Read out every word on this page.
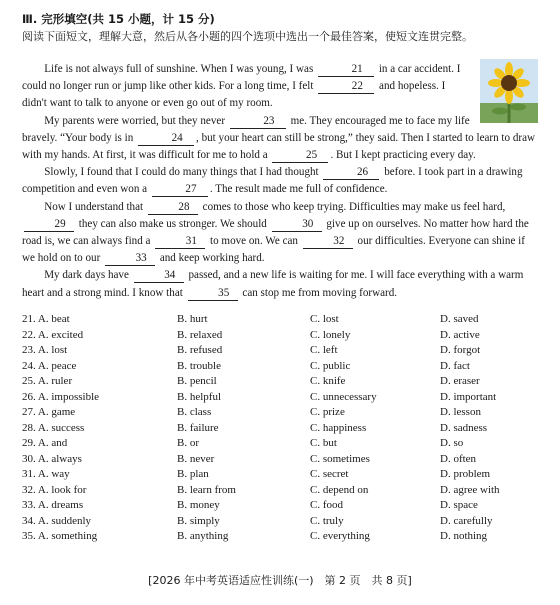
Ⅲ. 完形填空(共 15 小题，计 15 分)
阅读下面短文，理解大意，然后从各小题的四个选项中选出一个最佳答案，使短文连贯完整。

Life is not always full of sunshine. When I was young, I was	21 in a car accident. I could no longer run or jump like other kids. For a long time, I felt	22 and hopeless. I didn't want to talk to anyone or even go out of my room.

My parents were worried, but they never	23 me. They encouraged me to face my life bravely. “Your body is in	24 , but your heart can still be strong,” they said. Then I started to learn to draw with my hands. At first, it was difficult for me to hold a	25 . But I kept practicing every day.

Slowly, I found that I could do many things that I had thought	26 before. I took part in a drawing competition and even won a	27 . The result made me full of confidence.

Now I understand that	28 comes to those who keep trying. Difficulties may make us feel hard, 29 they can also make us stronger. We should	30 give up on ourselves. No matter how hard the road is, we can always find a	31 to move on. We can	32 our difficulties. Everyone can shine if we hold on to our	33 and keep working hard.

My dark days have	34 passed, and a new life is waiting for me. I will face everything with a warm heart and a strong mind. I know that	35 can stop me from moving forward.

21. A. beat	B. hurt	C. lost	D. saved
22. A. excited	B. relaxed	C. lonely	D. active
23. A. lost	B. refused	C. left	D. forgot
24. A. peace	B. trouble	C. public	D. fact
25. A. ruler	B. pencil	C. knife	D. eraser
26. A. impossible	B. helpful	C. unnecessary	D. important
27. A. game	B. class	C. prize	D. lesson
28. A. success	B. failure	C. happiness	D. sadness
29. A. and	B. or	C. but	D. so
30. A. always	B. never	C. sometimes	D. often
31. A. way	B. plan	C. secret	D. problem
32. A. look for	B. learn from	C. depend on	D. agree with
33. A. dreams	B. money	C. food	D. space
34. A. suddenly	B. simply	C. truly	D. carefully
35. A. something	B. anything	C. everything	D. nothing
[2026 年中考英语适应性训练(一)　第 2 页　共 8 页]
